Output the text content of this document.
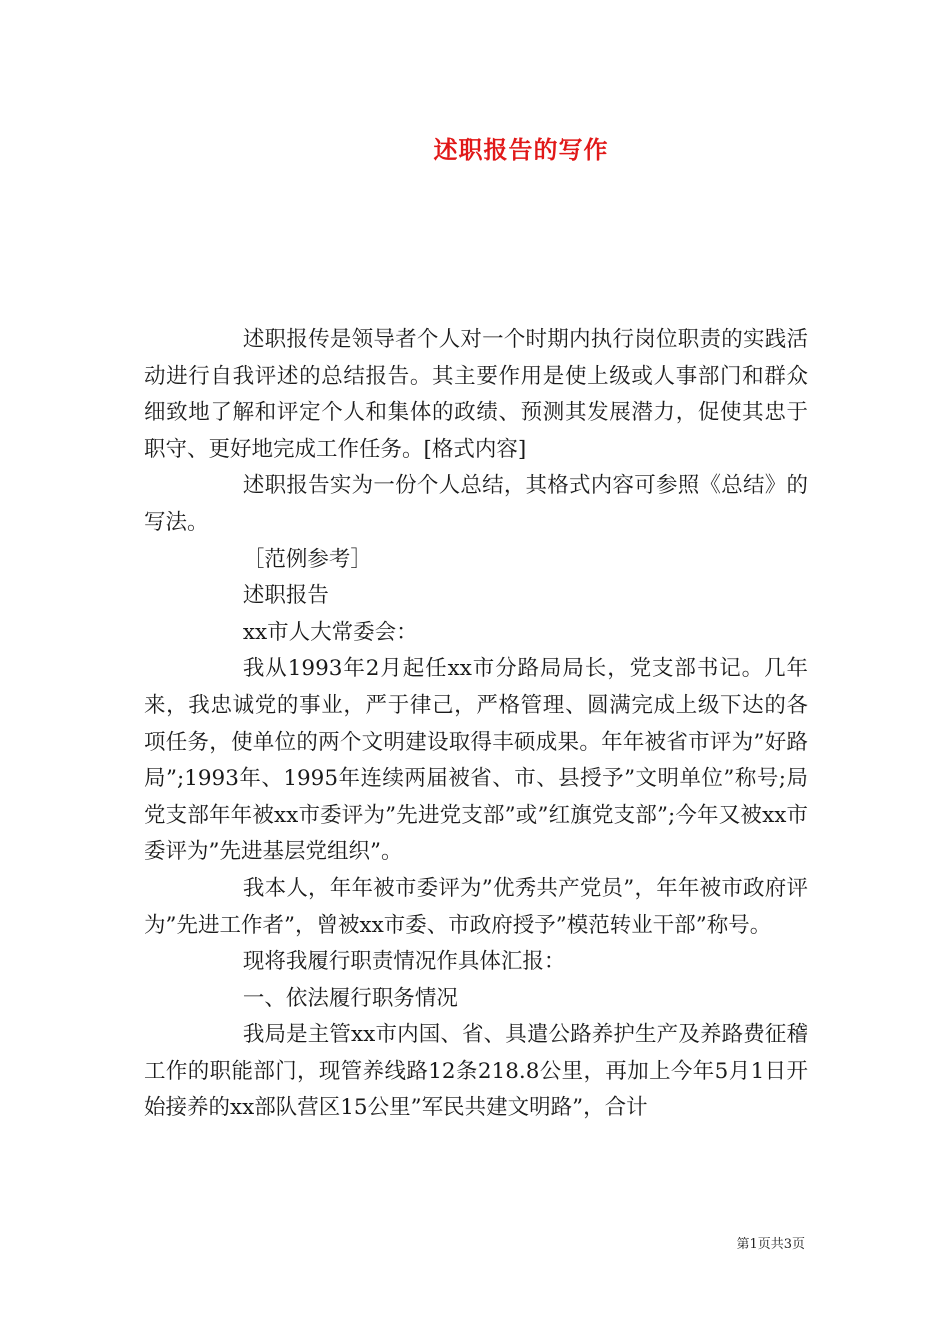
述职报告的写作

述职报传是领导者个人对一个时期内执行岗位职责的实践活动进行自我评述的总结报告。其主要作用是使上级或人事部门和群众细致地了解和评定个人和集体的政绩、预测其发展潜力，促使其忠于职守、更好地完成工作任务。[格式内容]

述职报告实为一份个人总结，其格式内容可参照《总结》的写法。

［范例参考］

述职报告

xx市人大常委会：

我从1993年2月起任xx市分路局局长，党支部书记。几年来，我忠诚党的事业，严于律己，严格管理、圆满完成上级下达的各项任务，使单位的两个文明建设取得丰硕成果。年年被省市评为”好路局”;1993年、1995年连续两届被省、市、县授予”文明单位”称号;局党支部年年被xx市委评为”先进党支部”或”红旗党支部”;今年又被xx市委评为”先进基层党组织”。

我本人，年年被市委评为”优秀共产党员”，年年被市政府评为”先进工作者”，曾被xx市委、市政府授予”模范转业干部”称号。

现将我履行职责情况作具体汇报：

一、依法履行职务情况

我局是主管xx市内国、省、具遣公路养护生产及养路费征稽工作的职能部门，现管养线路12条218.8公里，再加上今年5月1日开始接养的xx部队营区15公里”军民共建文明路”，合计

第1页共3页
